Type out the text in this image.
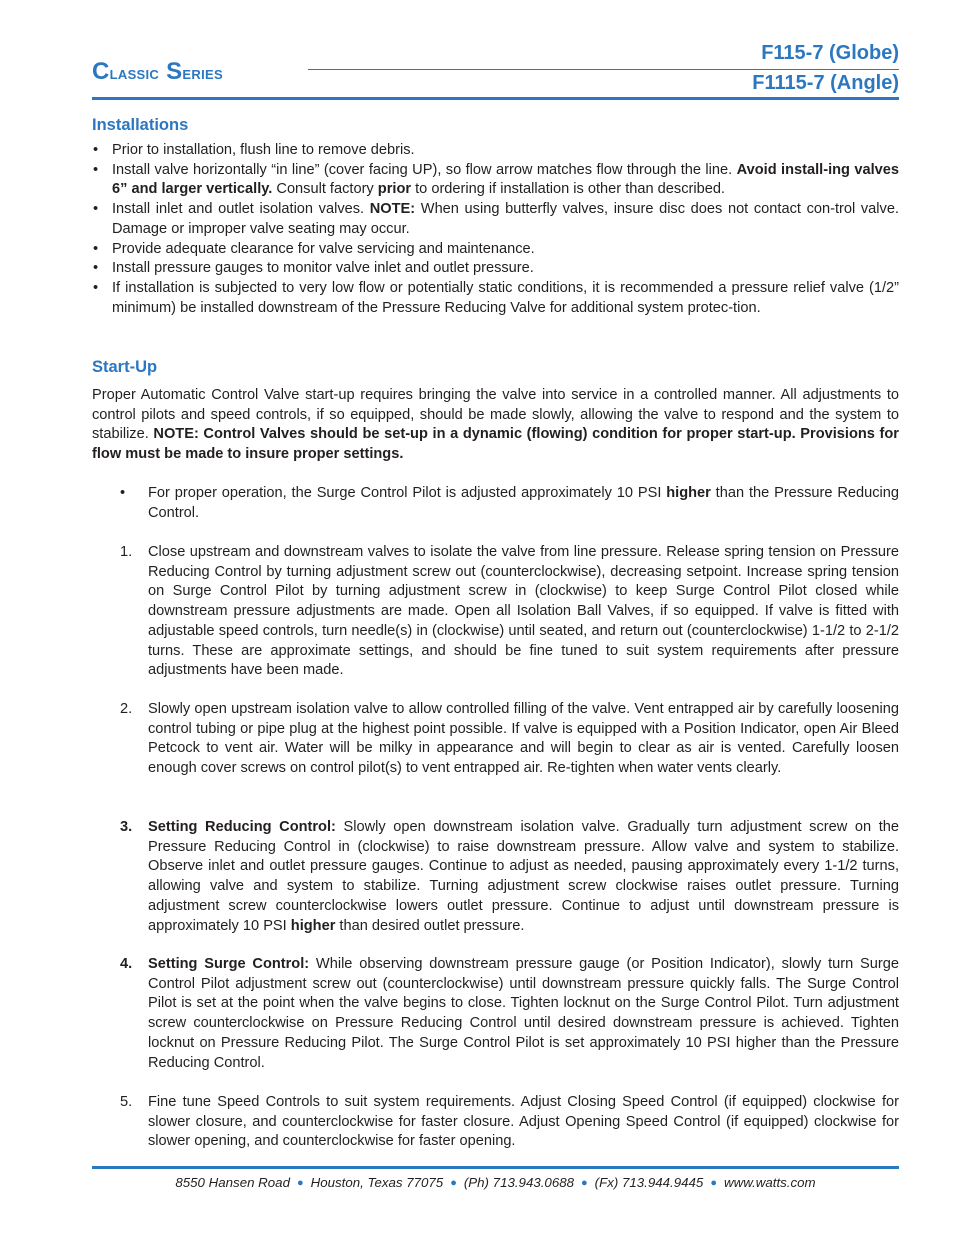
Classic Series
F115-7 (Globe)
F1115-7 (Angle)
Installations
• Prior to installation, flush line to remove debris.
• Install valve horizontally “in line” (cover facing UP), so flow arrow matches flow through the line. Avoid install-ing valves 6” and larger vertically. Consult factory prior to ordering if installation is other than described.
• Install inlet and outlet isolation valves. NOTE: When using butterfly valves, insure disc does not contact con-trol valve. Damage or improper valve seating may occur.
• Provide adequate clearance for valve servicing and maintenance.
• Install pressure gauges to monitor valve inlet and outlet pressure.
• If installation is subjected to very low flow or potentially static conditions, it is recommended a pressure relief valve (1/2” minimum) be installed downstream of the Pressure Reducing Valve for additional system protec-tion.
Start-Up

Proper Automatic Control Valve start-up requires bringing the valve into service in a controlled manner. All adjustments to control pilots and speed controls, if so equipped, should be made slowly, allowing the valve to respond and the system to stabilize. NOTE: Control Valves should be set-up in a dynamic (flowing) condition for proper start-up. Provisions for flow must be made to insure proper settings.

• For proper operation, the Surge Control Pilot is adjusted approximately 10 PSI higher than the Pressure Reducing Control.
1. Close upstream and downstream valves to isolate the valve from line pressure. Release spring tension on Pressure Reducing Control by turning adjustment screw out (counterclockwise), decreasing setpoint. Increase spring tension on Surge Control Pilot by turning adjustment screw in (clockwise) to keep Surge Control Pilot closed while downstream pressure adjustments are made. Open all Isolation Ball Valves, if so equipped. If valve is fitted with adjustable speed controls, turn needle(s) in (clockwise) until seated, and return out (counterclockwise) 1-1/2 to 2-1/2 turns. These are approximate settings, and should be fine tuned to suit system requirements after pressure adjustments have been made.
2. Slowly open upstream isolation valve to allow controlled filling of the valve. Vent entrapped air by carefully loosening control tubing or pipe plug at the highest point possible. If valve is equipped with a Position Indicator, open Air Bleed Petcock to vent air. Water will be milky in appearance and will begin to clear as air is vented. Carefully loosen enough cover screws on control pilot(s) to vent entrapped air. Re-tighten when water vents clearly.
3. Setting Reducing Control: Slowly open downstream isolation valve. Gradually turn adjustment screw on the Pressure Reducing Control in (clockwise) to raise downstream pressure. Allow valve and system to stabilize. Observe inlet and outlet pressure gauges. Continue to adjust as needed, pausing approximately every 1-1/2 turns, allowing valve and system to stabilize. Turning adjustment screw clockwise raises outlet pressure. Turning adjustment screw counterclockwise lowers outlet pressure. Continue to adjust until downstream pressure is approximately 10 PSI higher than desired outlet pressure.
4. Setting Surge Control: While observing downstream pressure gauge (or Position Indicator), slowly turn Surge Control Pilot adjustment screw out (counterclockwise) until downstream pressure quickly falls. The Surge Control Pilot is set at the point when the valve begins to close. Tighten locknut on the Surge Control Pilot. Turn adjustment screw counterclockwise on Pressure Reducing Control until desired downstream pressure is achieved. Tighten locknut on Pressure Reducing Pilot. The Surge Control Pilot is set approximately 10 PSI higher than the Pressure Reducing Control.
5. Fine tune Speed Controls to suit system requirements. Adjust Closing Speed Control (if equipped) clockwise for slower closure, and counterclockwise for faster closure. Adjust Opening Speed Control (if equipped) clockwise for slower opening, and counterclockwise for faster opening.
8550 Hansen Road ● Houston, Texas 77075 ● (Ph) 713.943.0688 ● (Fx) 713.944.9445 ● www.watts.com
